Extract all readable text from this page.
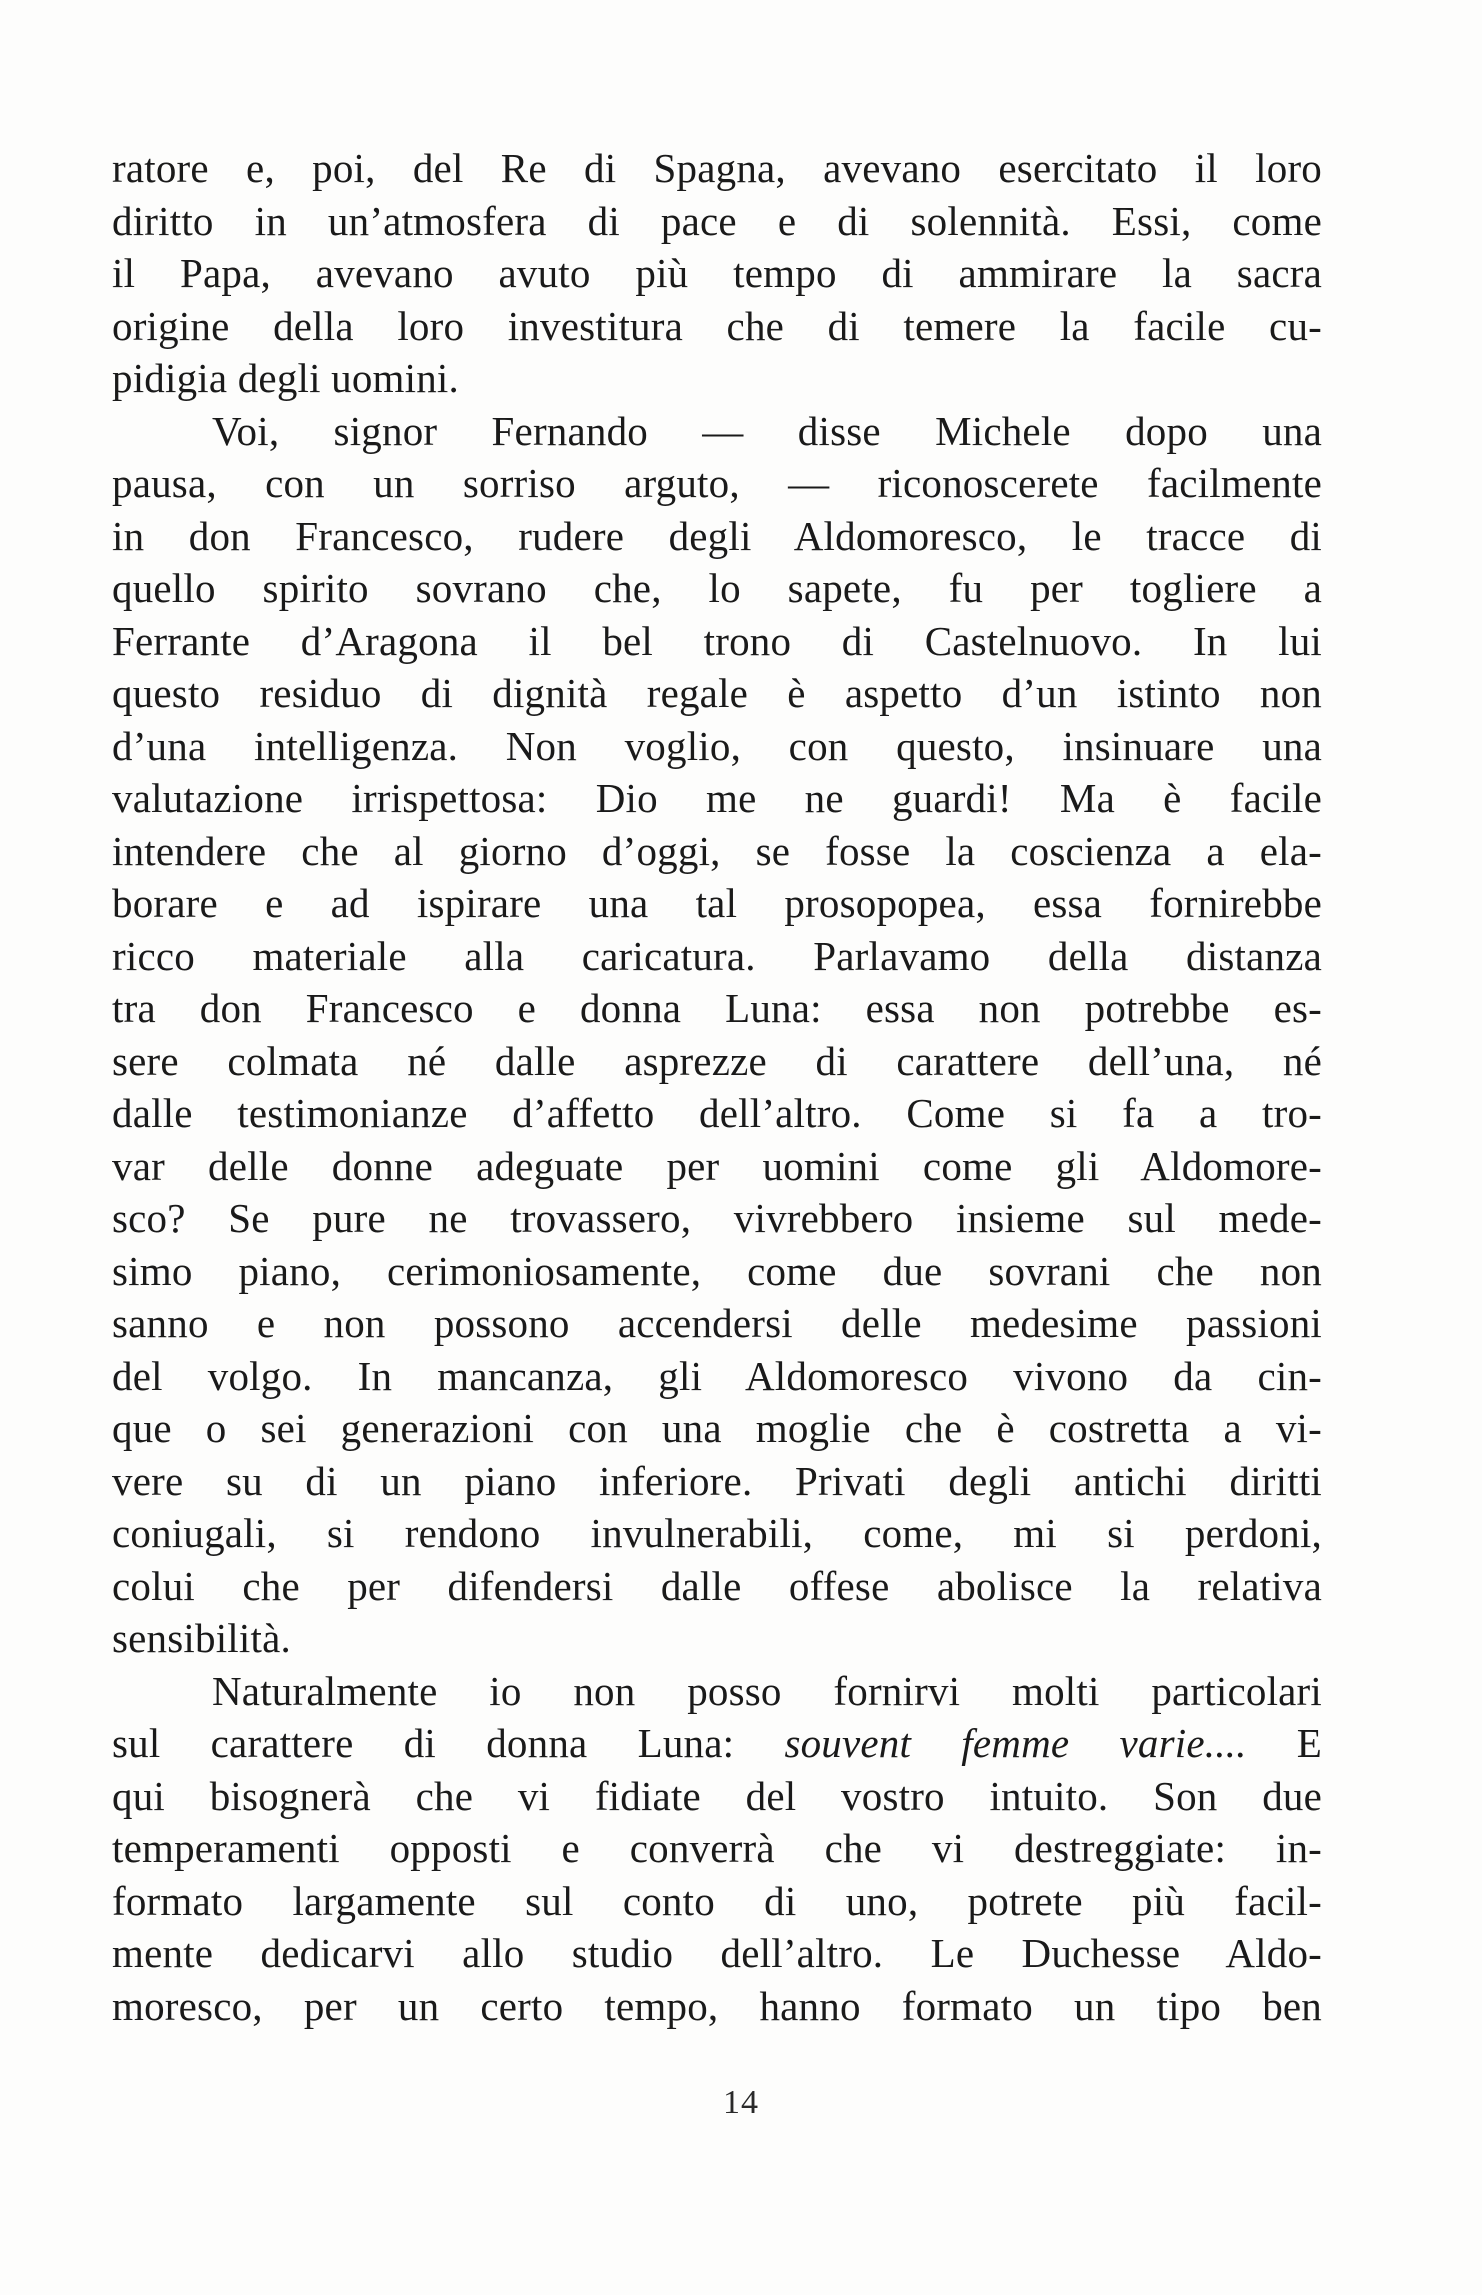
ratore e, poi, del Re di Spagna, avevano esercitato il loro
diritto in un’atmosfera di pace e di solennità. Essi, come
il Papa, avevano avuto più tempo di ammirare la sacra
origine della loro investitura che di temere la facile cu-
pidigia degli uomini.
Voi, signor Fernando — disse Michele dopo una
pausa, con un sorriso arguto, — riconoscerete facilmente
in don Francesco, rudere degli Aldomoresco, le tracce di
quello spirito sovrano che, lo sapete, fu per togliere a
Ferrante d’Aragona il bel trono di Castelnuovo. In lui
questo residuo di dignità regale è aspetto d’un istinto non
d’una intelligenza. Non voglio, con questo, insinuare una
valutazione irrispettosa: Dio me ne guardi! Ma è facile
intendere che al giorno d’oggi, se fosse la coscienza a ela-
borare e ad ispirare una tal prosopopea, essa fornirebbe
ricco materiale alla caricatura. Parlavamo della distanza
tra don Francesco e donna Luna: essa non potrebbe es-
sere colmata né dalle asprezze di carattere dell’una, né
dalle testimonianze d’affetto dell’altro. Come si fa a tro-
var delle donne adeguate per uomini come gli Aldomore-
sco? Se pure ne trovassero, vivrebbero insieme sul mede-
simo piano, cerimoniosamente, come due sovrani che non
sanno e non possono accendersi delle medesime passioni
del volgo. In mancanza, gli Aldomoresco vivono da cin-
que o sei generazioni con una moglie che è costretta a vi-
vere su di un piano inferiore. Privati degli antichi diritti
coniugali, si rendono invulnerabili, come, mi si perdoni,
colui che per difendersi dalle offese abolisce la relativa
sensibilità.
Naturalmente io non posso fornirvi molti particolari
sul carattere di donna Luna: souvent femme varie.... E
qui bisognerà che vi fidiate del vostro intuito. Son due
temperamenti opposti e converrà che vi destreggiate: in-
formato largamente sul conto di uno, potrete più facil-
mente dedicarvi allo studio dell’altro. Le Duchesse Aldo-
moresco, per un certo tempo, hanno formato un tipo ben
14
